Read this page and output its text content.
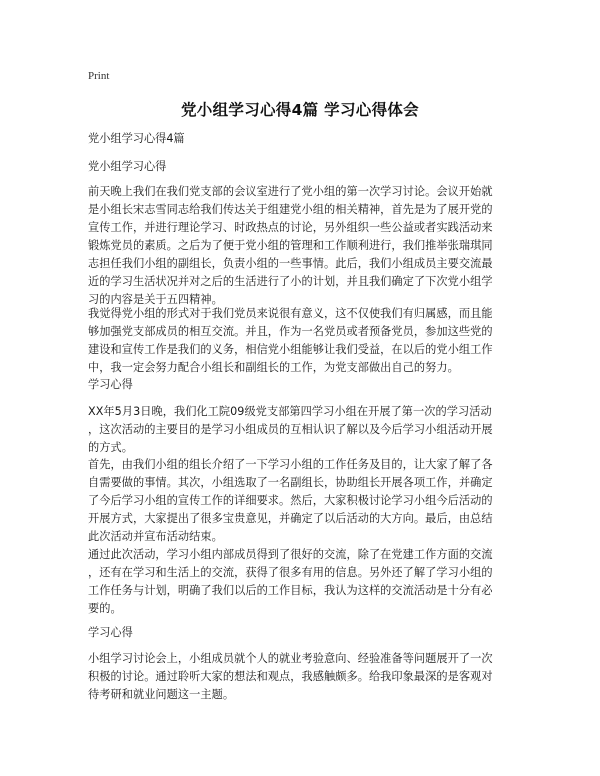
Print
党小组学习心得4篇 学习心得体会
党小组学习心得4篇
党小组学习心得
前天晚上我们在我们党支部的会议室进行了党小组的第一次学习讨论。会议开始就
是小组长宋志雪同志给我们传达关于组建党小组的相关精神，首先是为了展开党的
宣传工作，并进行理论学习、时政热点的讨论，另外组织一些公益或者实践活动来
锻炼党员的素质。之后为了便于党小组的管理和工作顺利进行，我们推举张瑞琪同
志担任我们小组的副组长，负责小组的一些事情。此后，我们小组成员主要交流最
近的学习生活状况并对之后的生活进行了小的计划，并且我们确定了下次党小组学
习的内容是关于五四精神。
我觉得党小组的形式对于我们党员来说很有意义，这不仅使我们有归属感，而且能
够加强党支部成员的相互交流。并且，作为一名党员或者预备党员，参加这些党的
建设和宣传工作是我们的义务，相信党小组能够让我们受益，在以后的党小组工作
中，我一定会努力配合小组长和副组长的工作，为党支部做出自己的努力。
学习心得
XX年5月3日晚，我们化工院09级党支部第四学习小组在开展了第一次的学习活动
，这次活动的主要目的是学习小组成员的互相认识了解以及今后学习小组活动开展
的方式。
首先，由我们小组的组长介绍了一下学习小组的工作任务及目的，让大家了解了各
自需要做的事情。其次，小组选取了一名副组长，协助组长开展各项工作，并确定
了今后学习小组的宣传工作的详细要求。然后，大家积极讨论学习小组今后活动的
开展方式，大家提出了很多宝贵意见，并确定了以后活动的大方向。最后，由总结
此次活动并宣布活动结束。
通过此次活动，学习小组内部成员得到了很好的交流，除了在党建工作方面的交流
，还有在学习和生活上的交流，获得了很多有用的信息。另外还了解了学习小组的
工作任务与计划，明确了我们以后的工作目标，我认为这样的交流活动是十分有必
要的。
学习心得
小组学习讨论会上，小组成员就个人的就业考验意向、经验准备等问题展开了一次
积极的讨论。通过聆听大家的想法和观点，我感触颇多。给我印象最深的是客观对
待考研和就业问题这一主题。
